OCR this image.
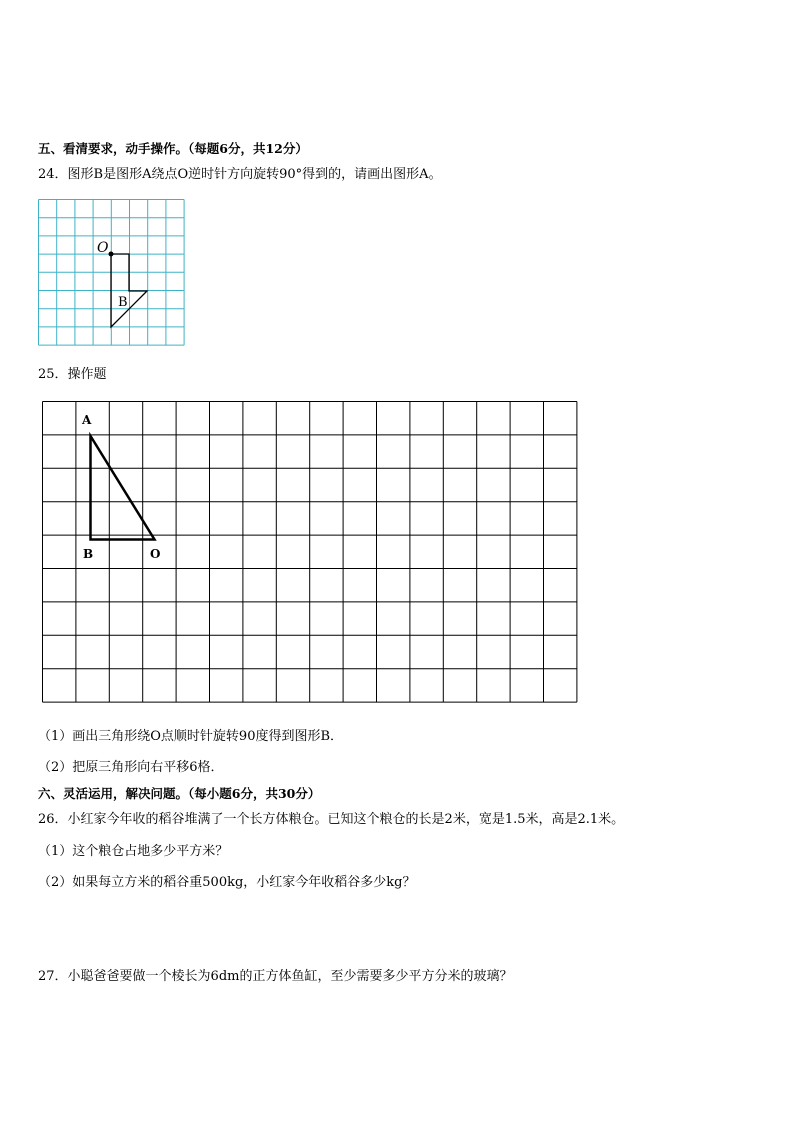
五、看清要求，动手操作。（每题6分，共12分）
24．图形B是图形A绕点O逆时针方向旋转90°得到的，请画出图形A。
O
B
25．操作题
A
B	O
（1）画出三角形绕O点顺时针旋转90度得到图形B．
（2）把原三角形向右平移6格．
六、灵活运用，解决问题。（每小题6分，共30分）
26．小红家今年收的稻谷堆满了一个长方体粮仓。已知这个粮仓的长是2米，宽是1.5米，高是2.1米。
（1）这个粮仓占地多少平方米？
（2）如果每立方米的稻谷重500kg，小红家今年收稻谷多少kg？
27．小聪爸爸要做一个棱长为6dm的正方体鱼缸，至少需要多少平方分米的玻璃？
